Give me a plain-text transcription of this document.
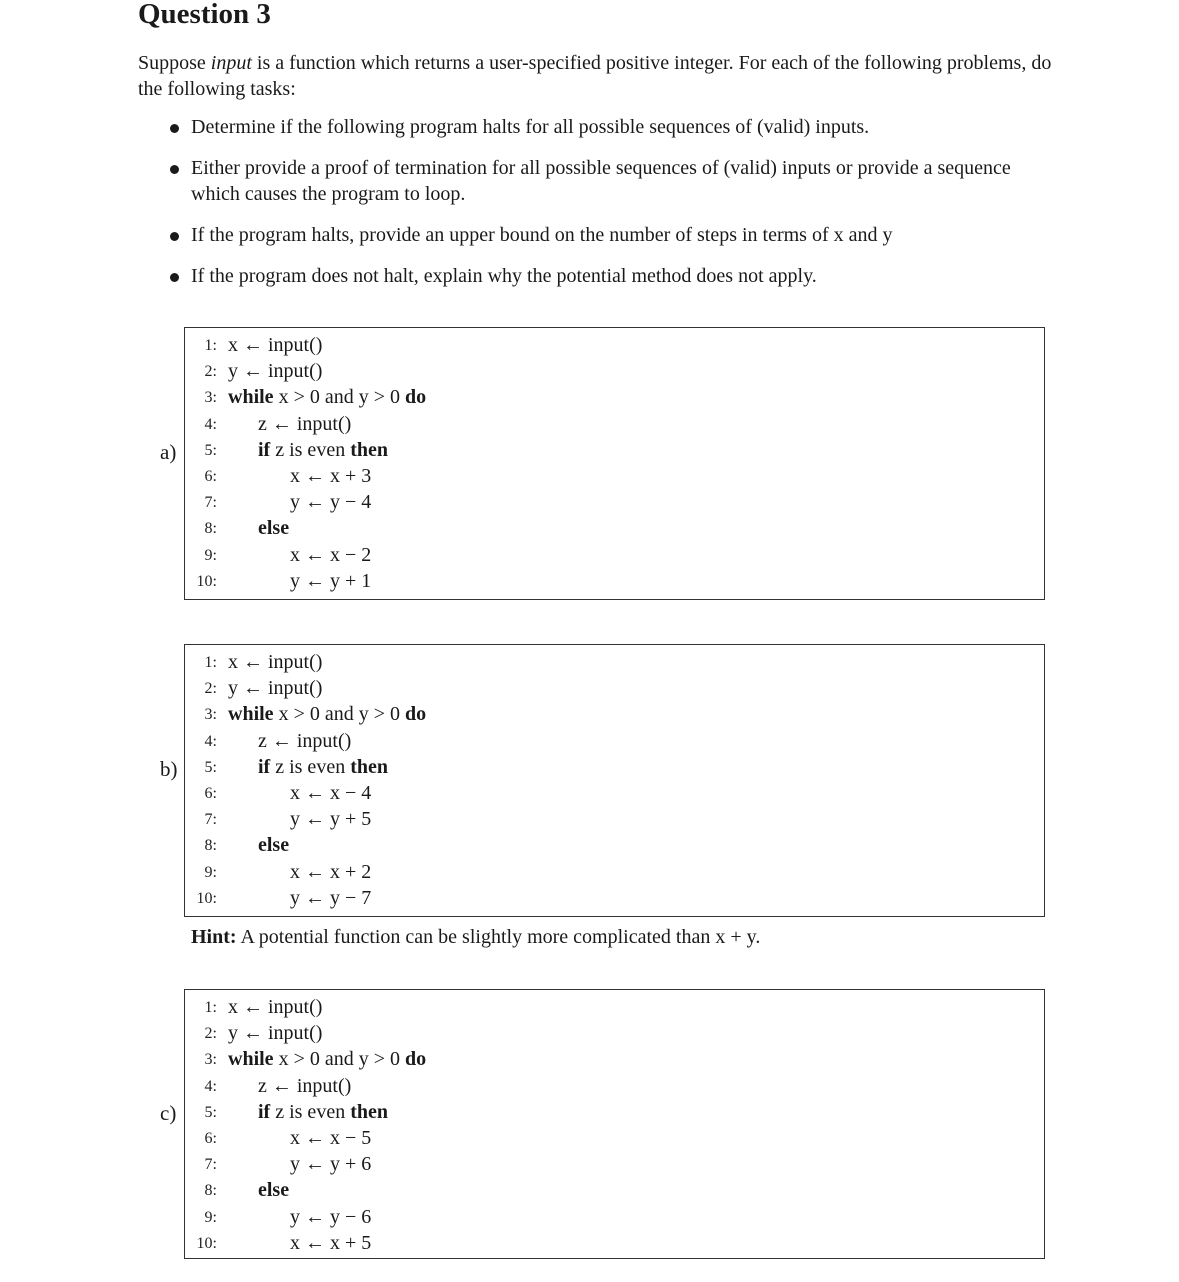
Question 3
Suppose input is a function which returns a user-specified positive integer. For each of the following problems, do the following tasks:
Determine if the following program halts for all possible sequences of (valid) inputs.
Either provide a proof of termination for all possible sequences of (valid) inputs or provide a sequence which causes the program to loop.
If the program halts, provide an upper bound on the number of steps in terms of x and y
If the program does not halt, explain why the potential method does not apply.
a)
1: x ← input()
2: y ← input()
3: while x > 0 and y > 0 do
4: z ← input()
5: if z is even then
6:	x ← x + 3
7:	y ← y − 4
8: else
9:	x ← x − 2
10:	y ← y + 1
b)
1: x ← input()
2: y ← input()
3: while x > 0 and y > 0 do
4: z ← input()
5: if z is even then
6:	x ← x − 4
7:	y ← y + 5
8: else
9:	x ← x + 2
10:	y ← y − 7
Hint: A potential function can be slightly more complicated than x + y.
c)
1: x ← input()
2: y ← input()
3: while x > 0 and y > 0 do
4: z ← input()
5: if z is even then
6:	x ← x − 5
7:	y ← y + 6
8: else
9:	y ← y − 6
10:	x ← x + 5
